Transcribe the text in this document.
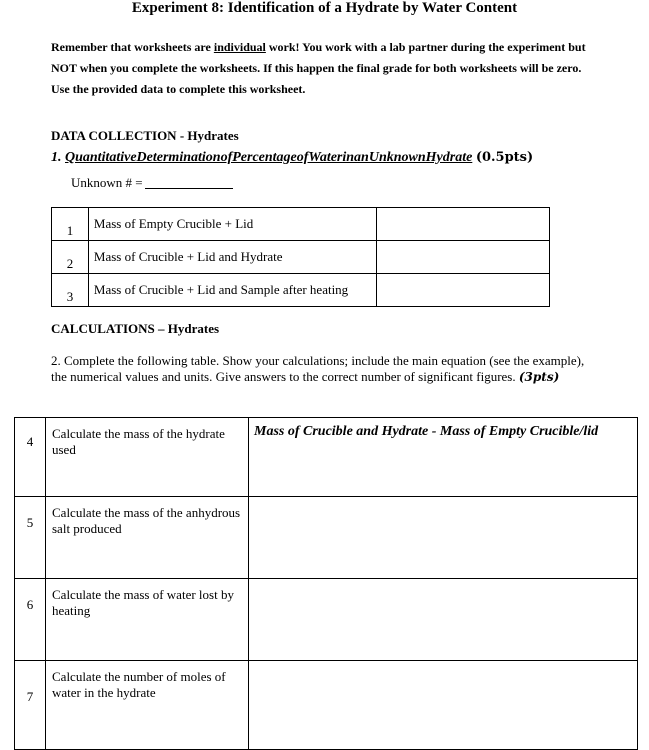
Experiment 8: Identification of a Hydrate by Water Content
Remember that worksheets are individual work! You work with a lab partner during the experiment but NOT when you complete the worksheets. If this happen the final grade for both worksheets will be zero. Use the provided data to complete this worksheet.
DATA COLLECTION - Hydrates
1. QuantitativeDeterminationofPercentageofWaterinanUnknownHydrate (0.5pts)
Unknown # =
1	Mass of Empty Crucible + Lid	
2	Mass of Crucible + Lid and Hydrate	
3	Mass of Crucible + Lid and Sample after heating	
CALCULATIONS – Hydrates
2. Complete the following table. Show your calculations; include the main equation (see the example), the numerical values and units. Give answers to the correct number of significant figures. (3pts)
4	Calculate the mass of the hydrate used	Mass of Crucible and Hydrate - Mass of Empty Crucible/lid
5	Calculate the mass of the anhydrous salt produced	
6	Calculate the mass of water lost by heating	
7	Calculate the number of moles of water in the hydrate	
